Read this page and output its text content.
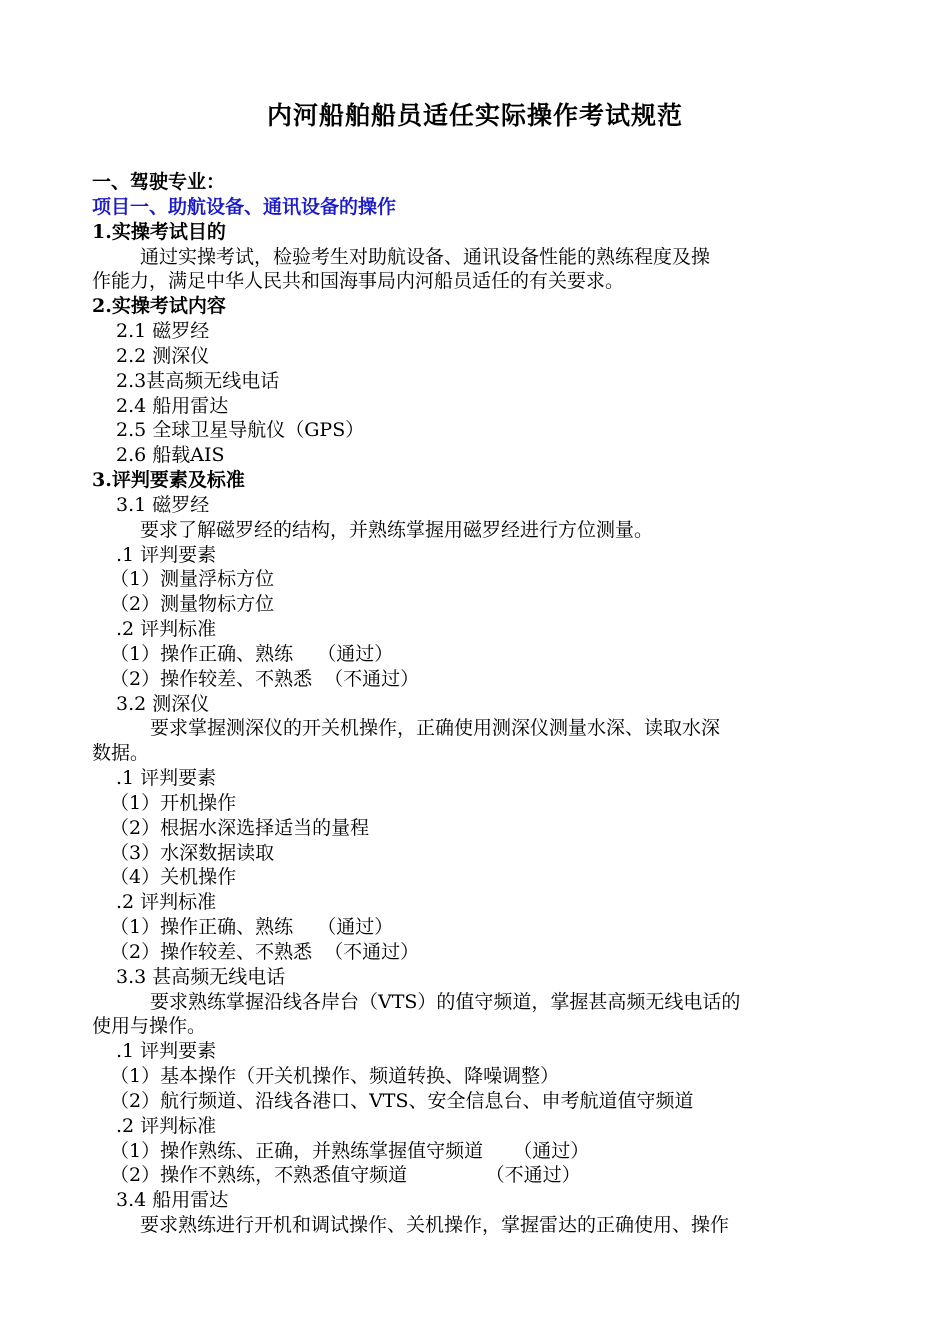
内河船舶船员适任实际操作考试规范
一、驾驶专业：
项目一、助航设备、通讯设备的操作
1.实操考试目的
通过实操考试，检验考生对助航设备、通讯设备性能的熟练程度及操
作能力，满足中华人民共和国海事局内河船员适任的有关要求。
2.实操考试内容
2.1 磁罗经
2.2 测深仪
2.3甚高频无线电话
2.4 船用雷达
2.5 全球卫星导航仪（GPS）
2.6 船载AIS
3.评判要素及标准
3.1 磁罗经
要求了解磁罗经的结构，并熟练掌握用磁罗经进行方位测量。
.1 评判要素
（1）测量浮标方位
（2）测量物标方位
.2 评判标准
（1）操作正确、熟练    （通过）
（2）操作较差、不熟悉  （不通过）
3.2 测深仪
要求掌握测深仪的开关机操作，正确使用测深仪测量水深、读取水深
数据。
.1 评判要素
（1）开机操作
（2）根据水深选择适当的量程
（3）水深数据读取
（4）关机操作
.2 评判标准
（1）操作正确、熟练    （通过）
（2）操作较差、不熟悉  （不通过）
3.3 甚高频无线电话
要求熟练掌握沿线各岸台（VTS）的值守频道，掌握甚高频无线电话的
使用与操作。
.1 评判要素
（1）基本操作（开关机操作、频道转换、降噪调整）
（2）航行频道、沿线各港口、VTS、安全信息台、申考航道值守频道
.2 评判标准
（1）操作熟练、正确，并熟练掌握值守频道     （通过）
（2）操作不熟练，不熟悉值守频道             （不通过）
3.4 船用雷达
要求熟练进行开机和调试操作、关机操作，掌握雷达的正确使用、操作
